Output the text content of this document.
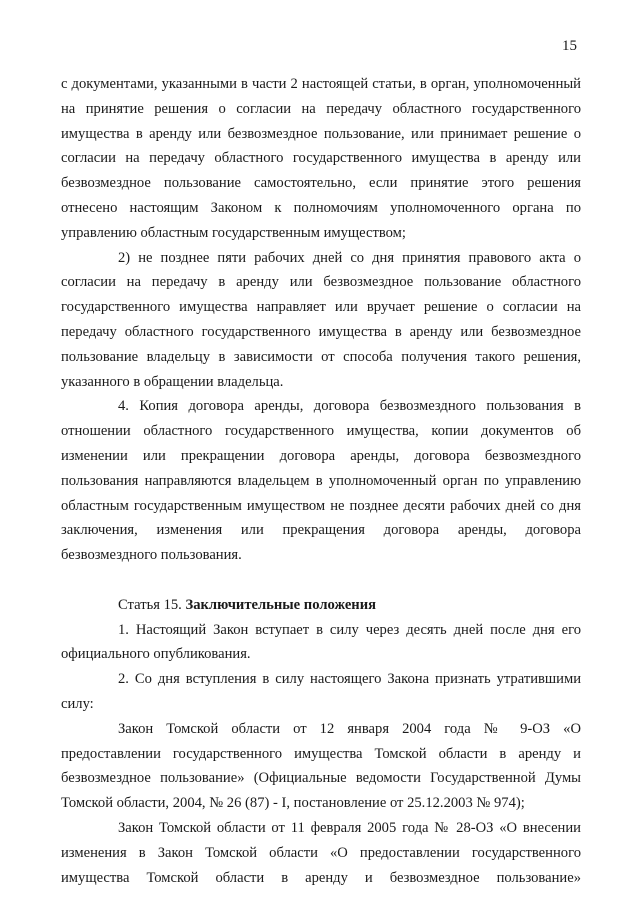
15

с документами, указанными в части 2 настоящей статьи, в орган, уполномоченный на принятие решения о согласии на передачу областного государственного имущества в аренду или безвозмездное пользование, или принимает решение о согласии на передачу областного государственного имущества в аренду или безвозмездное пользование самостоятельно, если принятие этого решения отнесено настоящим Законом к полномочиям уполномоченного органа по управлению областным государственным имуществом;

2) не позднее пяти рабочих дней со дня принятия правового акта о согласии на передачу в аренду или безвозмездное пользование областного государственного имущества направляет или вручает решение о согласии на передачу областного государственного имущества в аренду или безвозмездное пользование владельцу в зависимости от способа получения такого решения, указанного в обращении владельца.

4. Копия договора аренды, договора безвозмездного пользования в отношении областного государственного имущества, копии документов об изменении или прекращении договора аренды, договора безвозмездного пользования направляются владельцем в уполномоченный орган по управлению областным государственным имуществом не позднее десяти рабочих дней со дня заключения, изменения или прекращения договора аренды, договора безвозмездного пользования.

Статья 15. Заключительные положения

1. Настоящий Закон вступает в силу через десять дней после дня его официального опубликования.

2. Со дня вступления в силу настоящего Закона признать утратившими силу:

Закон Томской области от 12 января 2004 года № 9-ОЗ «О предоставлении государственного имущества Томской области в аренду и безвозмездное пользование» (Официальные ведомости Государственной Думы Томской области, 2004, № 26 (87) - I, постановление от 25.12.2003 № 974);

Закон Томской области от 11 февраля 2005 года № 28-ОЗ «О внесении изменения в Закон Томской области «О предоставлении государственного имущества Томской области в аренду и безвозмездное пользование»
